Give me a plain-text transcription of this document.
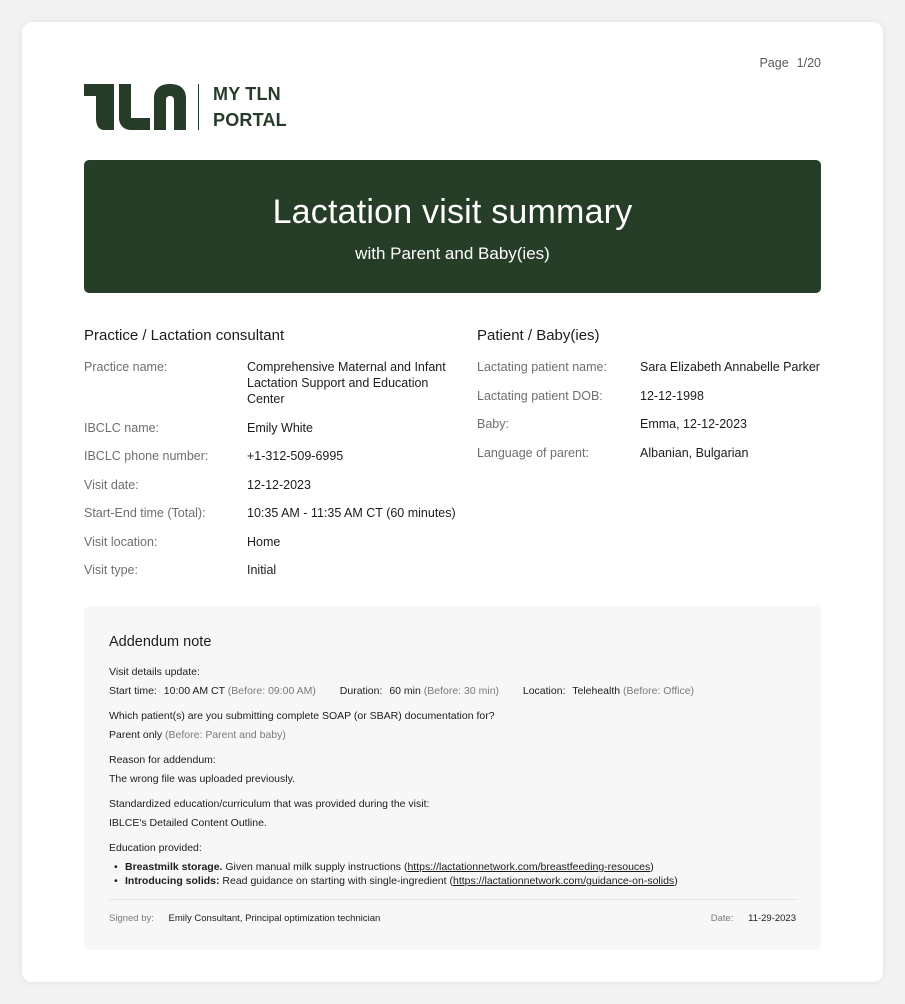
Page 1/20
MY TLN
PORTAL
Lactation visit summary
with Parent and Baby(ies)
Practice / Lactation consultant
Practice name:	Comprehensive Maternal and Infant Lactation Support and Education Center
IBCLC name:	Emily White
IBCLC phone number:	+1-312-509-6995
Visit date:	12-12-2023
Start-End time (Total):	10:35 AM - 11:35 AM CT (60 minutes)
Visit location:	Home
Visit type:	Initial
Patient / Baby(ies)
Lactating patient name:	Sara Elizabeth Annabelle Parker
Lactating patient DOB:	12-12-1998
Baby:	Emma, 12-12-2023
Language of parent:	Albanian, Bulgarian
Addendum note
Visit details update:
Start time: 10:00 AM CT (Before: 09:00 AM) Duration: 60 min (Before: 30 min) Location: Telehealth (Before: Office)
Which patient(s) are you submitting complete SOAP (or SBAR) documentation for?
Parent only (Before: Parent and baby)
Reason for addendum:
The wrong file was uploaded previously.
Standardized education/curriculum that was provided during the visit:
IBLCE's Detailed Content Outline.
Education provided:
• Breastmilk storage. Given manual milk supply instructions (https://lactationnetwork.com/breastfeeding-resouces)
• Introducing solids: Read guidance on starting with single-ingredient (https://lactationnetwork.com/guidance-on-solids)
Signed by: Emily Consultant, Principal optimization technician	Date: 11-29-2023
